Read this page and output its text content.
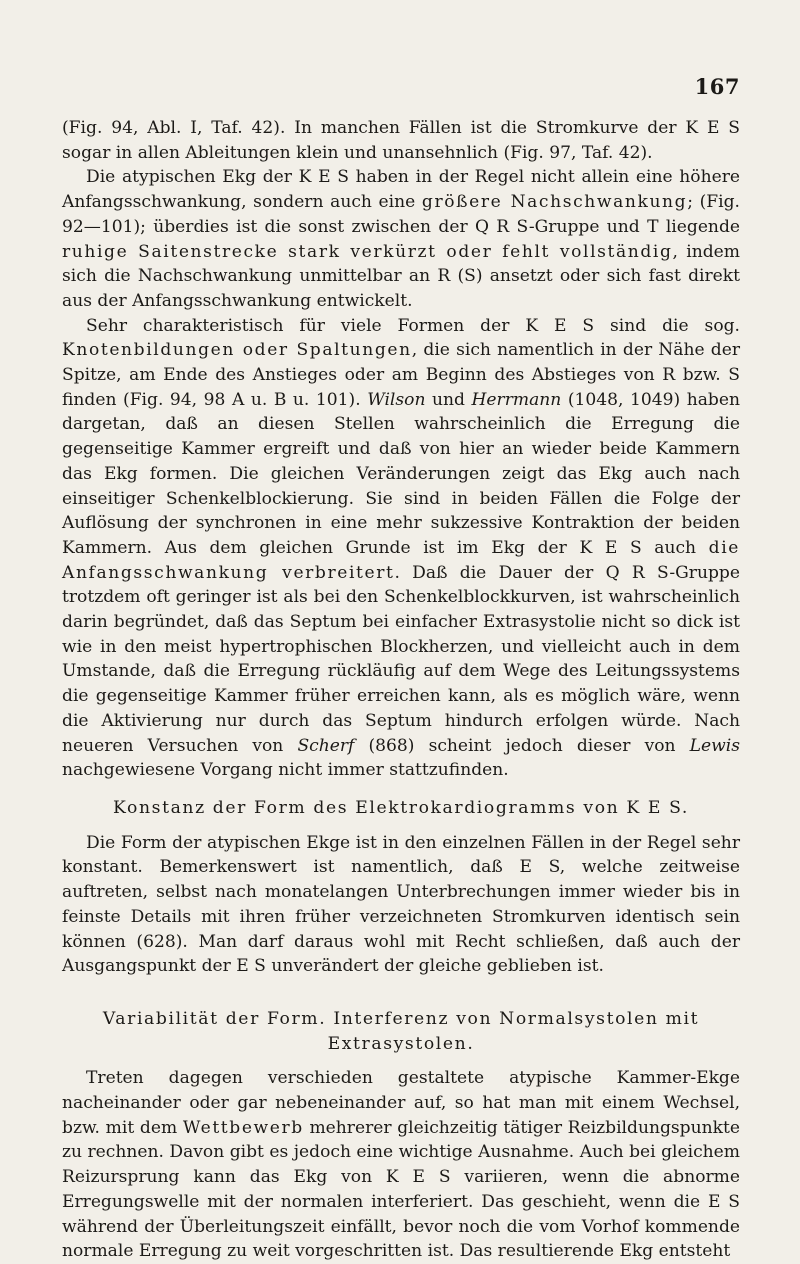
167

(Fig. 94, Abl. I, Taf. 42). In manchen Fällen ist die Stromkurve der K E S sogar in allen Ableitungen klein und unansehnlich (Fig. 97, Taf. 42).

Die atypischen Ekg der K E S haben in der Regel nicht allein eine höhere Anfangsschwankung, sondern auch eine größere Nachschwankung; (Fig. 92—101); überdies ist die sonst zwischen der Q R S-Gruppe und T liegende ruhige Saitenstrecke stark verkürzt oder fehlt vollständig, indem sich die Nachschwankung unmittelbar an R (S) ansetzt oder sich fast direkt aus der Anfangsschwankung entwickelt.

Sehr charakteristisch für viele Formen der K E S sind die sog. Knotenbildungen oder Spaltungen, die sich namentlich in der Nähe der Spitze, am Ende des Anstieges oder am Beginn des Abstieges von R bzw. S finden (Fig. 94, 98 A u. B u. 101). Wilson und Herrmann (1048, 1049) haben dargetan, daß an diesen Stellen wahrscheinlich die Erregung die gegenseitige Kammer ergreift und daß von hier an wieder beide Kammern das Ekg formen. Die gleichen Veränderungen zeigt das Ekg auch nach einseitiger Schenkelblockierung. Sie sind in beiden Fällen die Folge der Auflösung der synchronen in eine mehr sukzessive Kontraktion der beiden Kammern. Aus dem gleichen Grunde ist im Ekg der K E S auch die Anfangsschwankung verbreitert. Daß die Dauer der Q R S-Gruppe trotzdem oft geringer ist als bei den Schenkelblockkurven, ist wahrscheinlich darin begründet, daß das Septum bei einfacher Extrasystolie nicht so dick ist wie in den meist hypertrophischen Blockherzen, und vielleicht auch in dem Umstande, daß die Erregung rückläufig auf dem Wege des Leitungssystems die gegenseitige Kammer früher erreichen kann, als es möglich wäre, wenn die Aktivierung nur durch das Septum hindurch erfolgen würde. Nach neueren Versuchen von Scherf (868) scheint jedoch dieser von Lewis nachgewiesene Vorgang nicht immer stattzufinden.

Konstanz der Form des Elektrokardiogramms von K E S.

Die Form der atypischen Ekge ist in den einzelnen Fällen in der Regel sehr konstant. Bemerkenswert ist namentlich, daß E S, welche zeitweise auftreten, selbst nach monatelangen Unterbrechungen immer wieder bis in feinste Details mit ihren früher verzeichneten Stromkurven identisch sein können (628). Man darf daraus wohl mit Recht schließen, daß auch der Ausgangspunkt der E S unverändert der gleiche geblieben ist.

Variabilität der Form. Interferenz von Normalsystolen mit Extrasystolen.

Treten dagegen verschieden gestaltete atypische Kammer-Ekge nacheinander oder gar nebeneinander auf, so hat man mit einem Wechsel, bzw. mit dem Wettbewerb mehrerer gleichzeitig tätiger Reizbildungspunkte zu rechnen. Davon gibt es jedoch eine wichtige Ausnahme. Auch bei gleichem Reizursprung kann das Ekg von K E S variieren, wenn die abnorme Erregungswelle mit der normalen interferiert. Das geschieht, wenn die E S während der Überleitungszeit einfällt, bevor noch die vom Vorhof kommende normale Erregung zu weit vorgeschritten ist. Das resultierende Ekg entsteht
